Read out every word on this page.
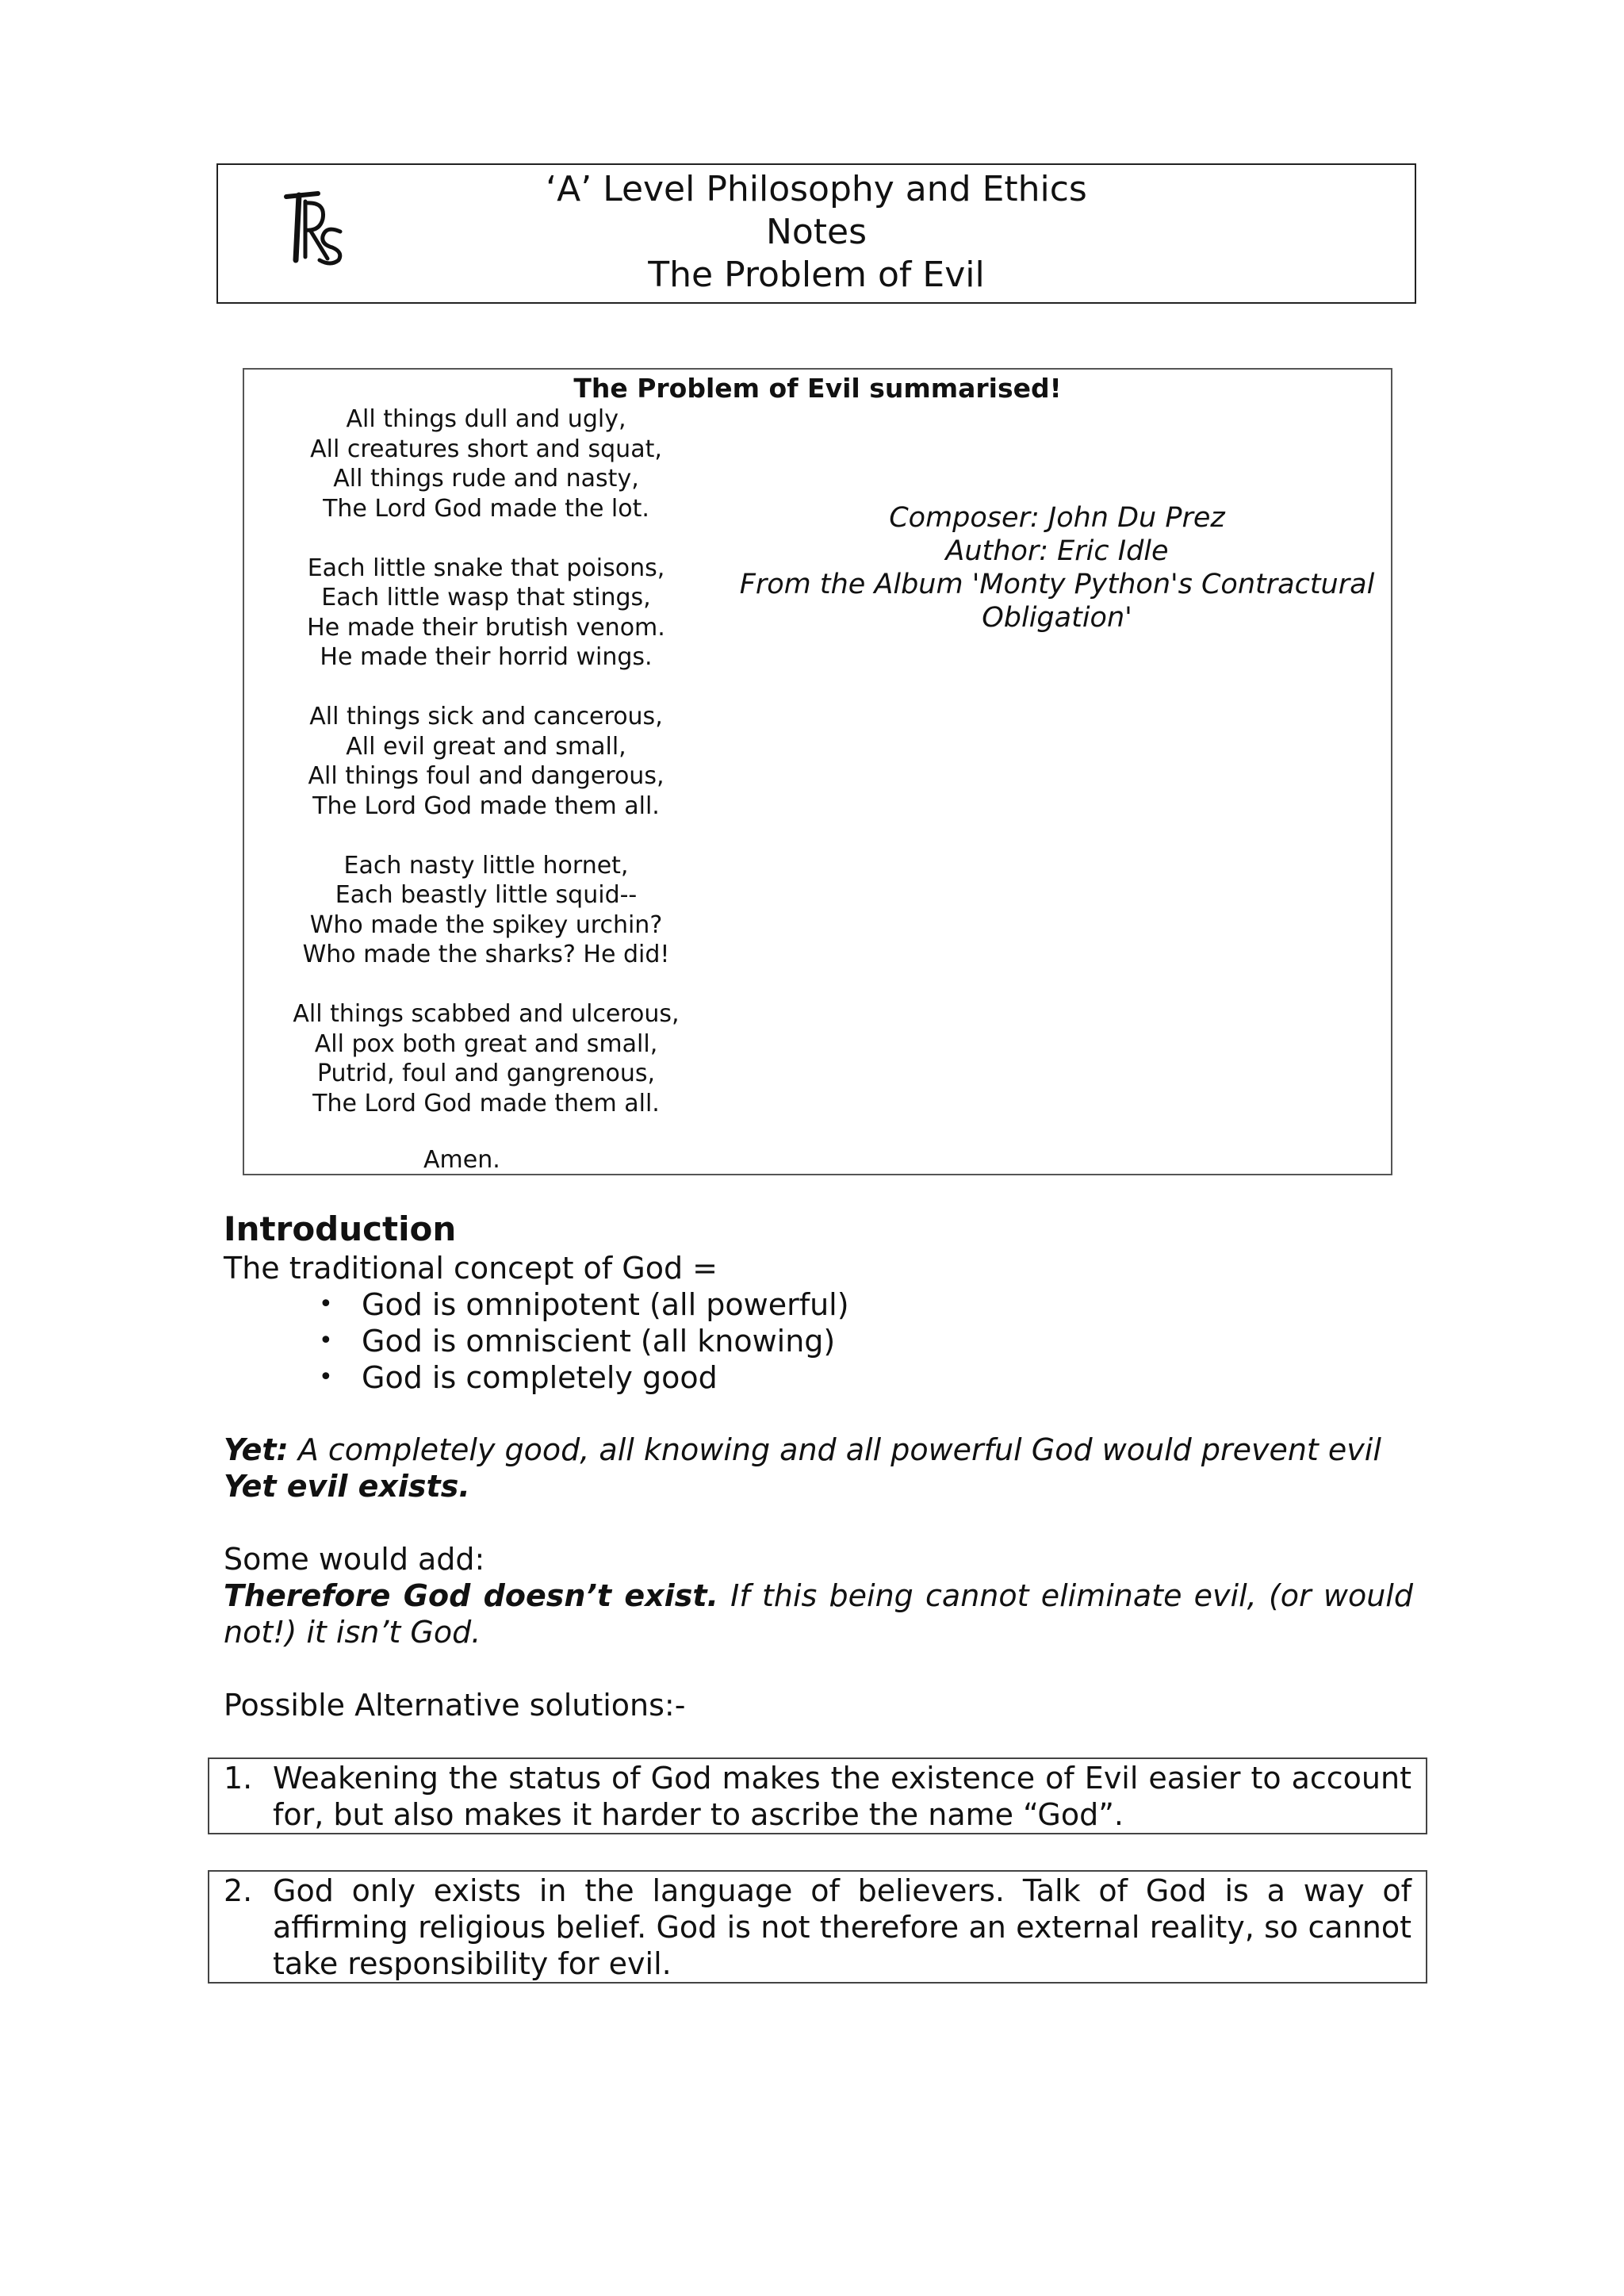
‘A’ Level Philosophy and Ethics
Notes
The Problem of Evil
The Problem of Evil summarised!
All things dull and ugly,
All creatures short and squat,
All things rude and nasty,
The Lord God made the lot.
Each little snake that poisons,
Each little wasp that stings,
He made their brutish venom.
He made their horrid wings.
All things sick and cancerous,
All evil great and small,
All things foul and dangerous,
The Lord God made them all.
Each nasty little hornet,
Each beastly little squid--
Who made the spikey urchin?
Who made the sharks? He did!
All things scabbed and ulcerous,
All pox both great and small,
Putrid, foul and gangrenous,
The Lord God made them all.
Amen.
Composer: John Du Prez
Author: Eric Idle
From the Album 'Monty Python's Contractural Obligation'
Introduction
The traditional concept of God =
• God is omnipotent (all powerful)
• God is omniscient (all knowing)
• God is completely good
Yet: A completely good, all knowing and all powerful God would prevent evil
Yet evil exists.
Some would add:
Therefore God doesn’t exist. If this being cannot eliminate evil, (or would not!) it isn’t God.
Possible Alternative solutions:-
1. Weakening the status of God makes the existence of Evil easier to account for, but also makes it harder to ascribe the name “God”.
2. God only exists in the language of believers. Talk of God is a way of affirming religious belief. God is not therefore an external reality, so cannot take responsibility for evil.
